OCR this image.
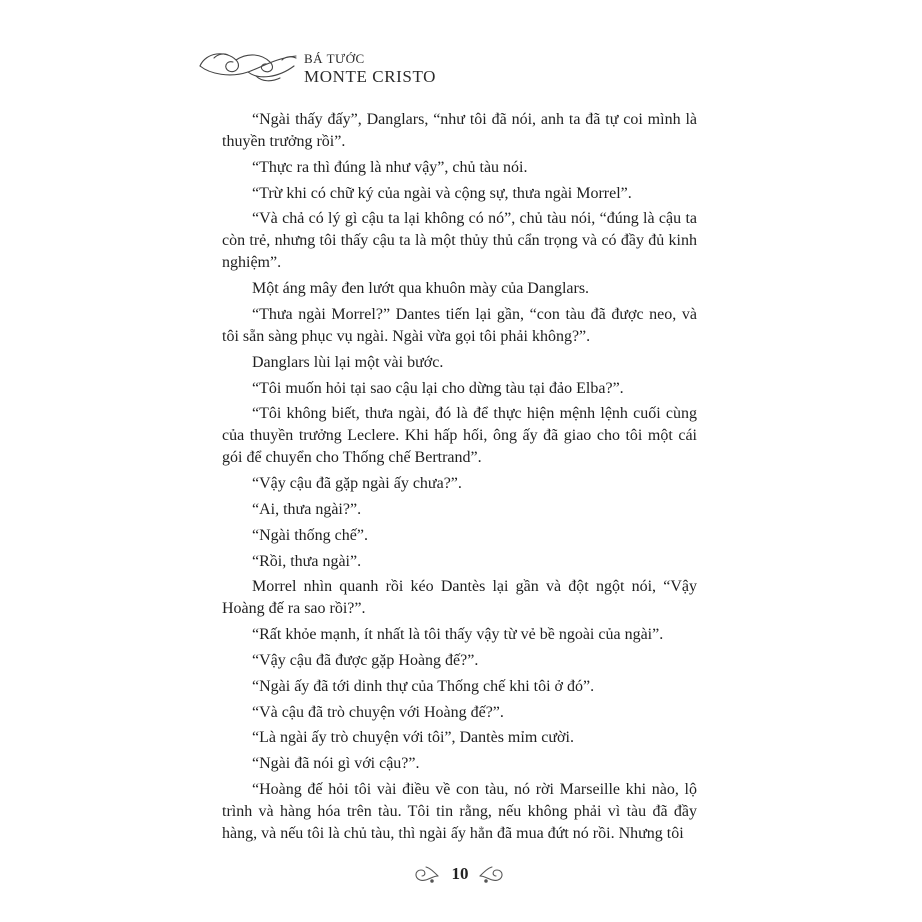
BÁ TƯỚC
MONTE CRISTO

“Ngài thấy đấy”, Danglars, “như tôi đã nói, anh ta đã tự coi mình là thuyền trưởng rồi”.

“Thực ra thì đúng là như vậy”, chủ tàu nói.

“Trừ khi có chữ ký của ngài và cộng sự, thưa ngài Morrel”.

“Và chả có lý gì cậu ta lại không có nó”, chủ tàu nói, “đúng là cậu ta còn trẻ, nhưng tôi thấy cậu ta là một thủy thủ cẩn trọng và có đầy đủ kinh nghiệm”.

Một áng mây đen lướt qua khuôn mày của Danglars.

“Thưa ngài Morrel?” Dantes tiến lại gần, “con tàu đã được neo, và tôi sẵn sàng phục vụ ngài. Ngài vừa gọi tôi phải không?”.

Danglars lùi lại một vài bước.

“Tôi muốn hỏi tại sao cậu lại cho dừng tàu tại đảo Elba?”.

“Tôi không biết, thưa ngài, đó là để thực hiện mệnh lệnh cuối cùng của thuyền trưởng Leclere. Khi hấp hối, ông ấy đã giao cho tôi một cái gói để chuyển cho Thống chế Bertrand”.

“Vậy cậu đã gặp ngài ấy chưa?”.

“Ai, thưa ngài?”.

“Ngài thống chế”.

“Rồi, thưa ngài”.

Morrel nhìn quanh rồi kéo Dantès lại gần và đột ngột nói, “Vậy Hoàng đế ra sao rồi?”.

“Rất khỏe mạnh, ít nhất là tôi thấy vậy từ vẻ bề ngoài của ngài”.

“Vậy cậu đã được gặp Hoàng đế?”.

“Ngài ấy đã tới dinh thự của Thống chế khi tôi ở đó”.

“Và cậu đã trò chuyện với Hoàng đế?”.

“Là ngài ấy trò chuyện với tôi”, Dantès mỉm cười.

“Ngài đã nói gì với cậu?”.

“Hoàng đế hỏi tôi vài điều về con tàu, nó rời Marseille khi nào, lộ trình và hàng hóa trên tàu. Tôi tin rằng, nếu không phải vì tàu đã đầy hàng, và nếu tôi là chủ tàu, thì ngài ấy hẳn đã mua đứt nó rồi. Nhưng tôi

10
